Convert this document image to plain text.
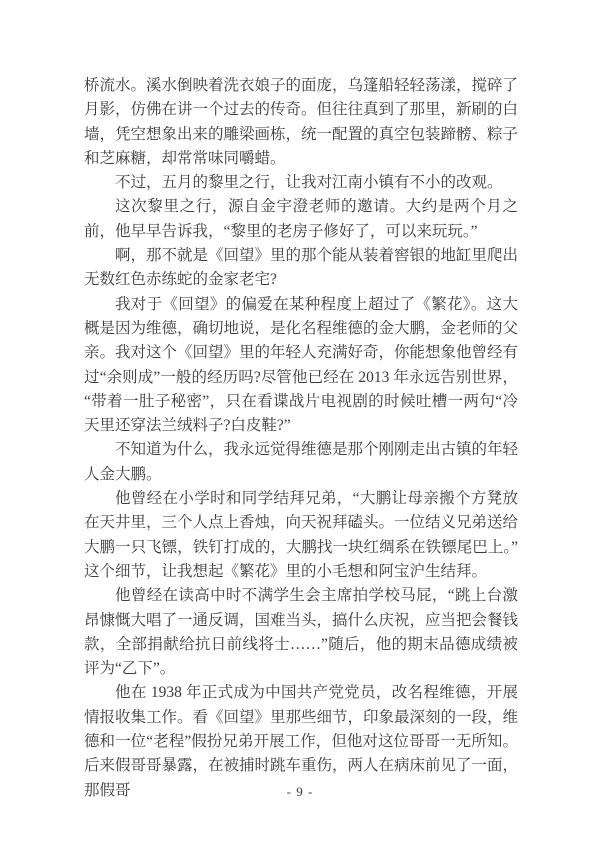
桥流水。溪水倒映着洗衣娘子的面庞，乌篷船轻轻荡漾，搅碎了月影，仿佛在讲一个过去的传奇。但往往真到了那里，新刷的白墙，凭空想象出来的雕梁画栋，统一配置的真空包装蹄髈、粽子和芝麻糖，却常常味同嚼蜡。

不过，五月的黎里之行，让我对江南小镇有不小的改观。

这次黎里之行，源自金宇澄老师的邀请。大约是两个月之前，他早早告诉我，“黎里的老房子修好了，可以来玩玩。”

啊，那不就是《回望》里的那个能从装着窖银的地缸里爬出无数红色赤练蛇的金家老宅?

我对于《回望》的偏爱在某种程度上超过了《繁花》。这大概是因为维德，确切地说，是化名程维德的金大鹏，金老师的父亲。我对这个《回望》里的年轻人充满好奇，你能想象他曾经有过“余则成”一般的经历吗?尽管他已经在 2013 年永远告别世界，“带着一肚子秘密”，只在看谍战片电视剧的时候吐槽一两句“冷天里还穿法兰绒料子?白皮鞋?”

不知道为什么，我永远觉得维德是那个刚刚走出古镇的年轻人金大鹏。

他曾经在小学时和同学结拜兄弟，“大鹏让母亲搬个方凳放在天井里，三个人点上香烛，向天祝拜磕头。一位结义兄弟送给大鹏一只飞镖，铁钉打成的，大鹏找一块红绸系在铁镖尾巴上。”这个细节，让我想起《繁花》里的小毛想和阿宝沪生结拜。

他曾经在读高中时不满学生会主席拍学校马屁，“跳上台激昂慷慨大唱了一通反调，国难当头，搞什么庆祝，应当把会餐钱款，全部捐献给抗日前线将士……”随后，他的期末品德成绩被评为“乙下”。

他在 1938 年正式成为中国共产党党员，改名程维德，开展情报收集工作。看《回望》里那些细节，印象最深刻的一段，维德和一位“老程”假扮兄弟开展工作，但他对这位哥哥一无所知。后来假哥哥暴露，在被捕时跳车重伤，两人在病床前见了一面，那假哥	- 9 -
